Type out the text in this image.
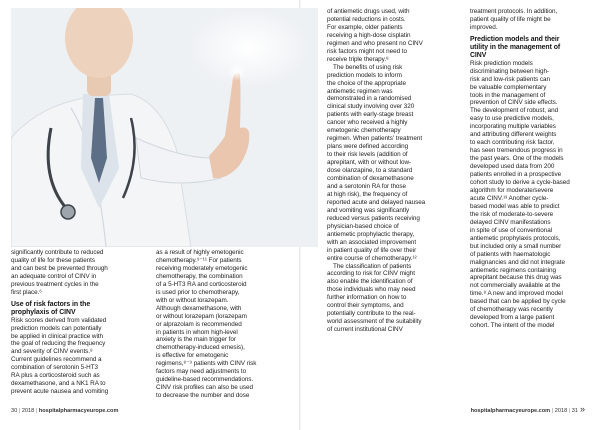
significantly contribute to reduced
quality of life for these patients
and can best be prevented through
an adequate control of CINV in
previous treatment cycles in the
first place.⁶

Use of risk factors in the
prophylaxis of CINV

Risk scores derived from validated
prediction models can potentially
be applied in clinical practice with
the goal of reducing the frequency
and severity of CINV events.⁸
Current guidelines recommend a
combination of serotonin 5-HT3
RA plus a corticosteroid such as
dexamethasone, and a NK1 RA to
prevent acute nausea and vomiting

as a result of highly emetogenic
chemotherapy.⁹⁻¹¹ For patients
receiving moderately emetogenic
chemotherapy, the combination
of a 5-HT3 RA and corticosteroid
is used prior to chemotherapy,
with or without lorazepam.
Although dexamethasone, with
or without lorazepam (lorazepam
or alprazolam is recommended
in patients in whom high-level
anxiety is the main trigger for
chemotherapy-induced emesis),
is effective for emetogenic
regimens,⁸⁻⁹ patients with CINV risk
factors may need adjustments to
guideline-based recommendations.
CINV risk profiles can also be used
to decrease the number and dose

of antiemetic drugs used, with
potential reductions in costs.
For example, older patients
receiving a high-dose cisplatin
regimen and who present no CINV
risk factors might not need to
receive triple therapy.⁸

The benefits of using risk

prediction models to inform
the choice of the appropriate
antiemetic regimen was
demonstrated in a randomised
clinical study involving over 320
patients with early-stage breast
cancer who received a highly
emetogenic chemotherapy
regimen. When patients’ treatment
plans were defined according
to their risk levels (addition of
aprepitant, with or without low-
dose olanzapine, to a standard
combination of dexamethasone
and a serotonin RA for those
at high risk), the frequency of
reported acute and delayed nausea
and vomiting was significantly
reduced versus patients receiving
physician-based choice of
antiemetic prophylactic therapy,
with an associated improvement
in patient quality of life over their
entire course of chemotherapy.¹²

The classification of patients

according to risk for CINV might
also enable the identification of
those individuals who may need
further information on how to
control their symptoms, and
potentially contribute to the real-
world assessment of the suitability
of current institutional CINV

treatment protocols. In addition,
patient quality of life might be
improved.

Prediction models and their
utility in the management of
CINV

Risk prediction models
discriminating between high-
risk and low-risk patients can
be valuable complementary
tools in the management of
prevention of CINV side effects.
The development of robust, and
easy to use predictive models,
incorporating multiple variables
and attributing different weights
to each contributing risk factor,
has seen tremendous progress in
the past years. One of the models
developed used data from 200
patients enrolled in a prospective
cohort study to derive a cycle-based
algorithm for moderate/severe
acute CINV.¹³ Another cycle-
based model was able to predict
the risk of moderate-to-severe
delayed CINV manifestations
in spite of use of conventional
antiemetic prophylaxis protocols,
but included only a small number
of patients with haematologic
malignancies and did not integrate
antiemetic regimens containing
aprepitant because this drug was
not commercially available at the
time.⁸ A new and improved model
based that can be applied by cycle
of chemotherapy was recently
developed from a large patient
cohort. The intent of the model

30 | 2018 | hospitalpharmacyeurope.com	hospitalpharmacyeurope.com | 2018 | 31 »
